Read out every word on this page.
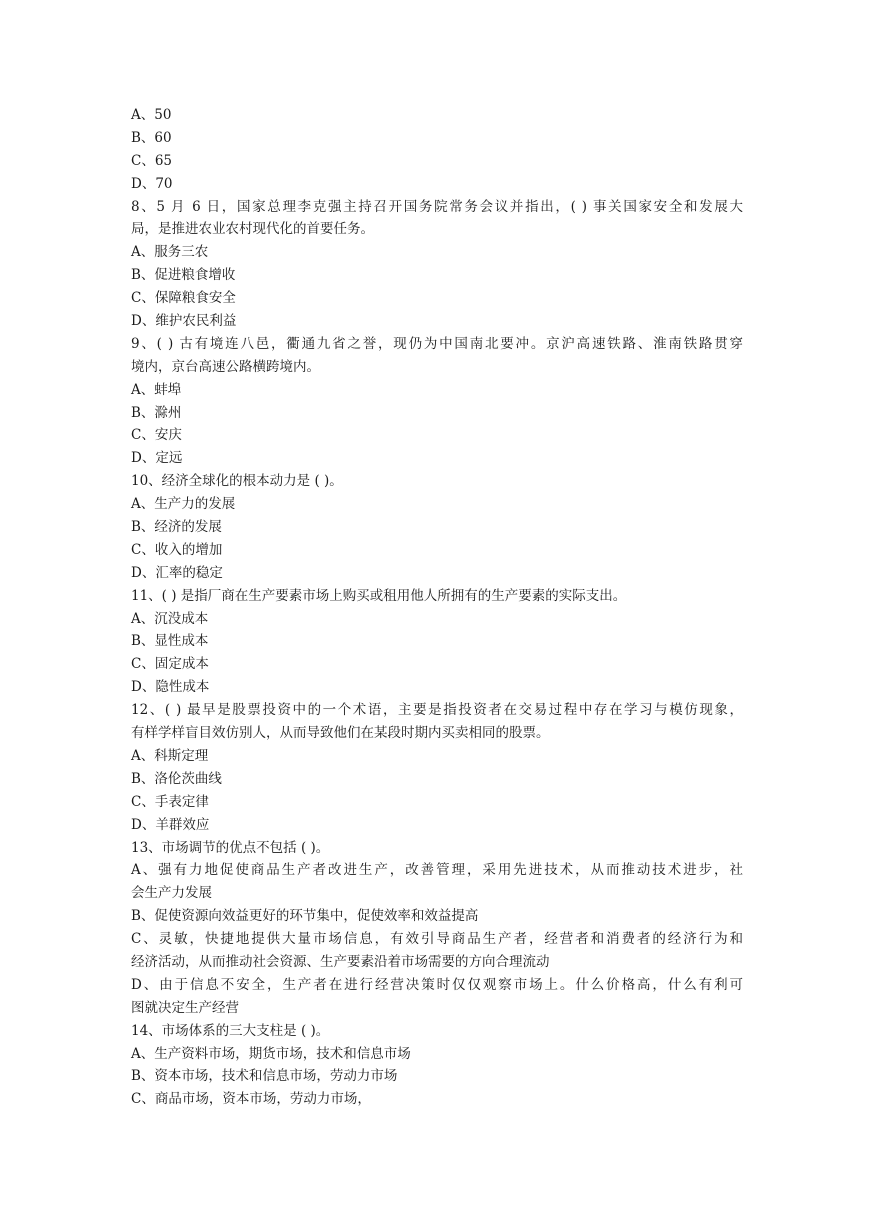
A、50
B、60
C、65
D、70
8、5 月 6 日，国家总理李克强主持召开国务院常务会议并指出，( ) 事关国家安全和发展大
局，是推进农业农村现代化的首要任务。
A、服务三农
B、促进粮食增收
C、保障粮食安全
D、维护农民利益
9、( ) 古有境连八邑，衢通九省之誉，现仍为中国南北要冲。京沪高速铁路、淮南铁路贯穿
境内，京台高速公路横跨境内。
A、蚌埠
B、滁州
C、安庆
D、定远
10、经济全球化的根本动力是 ( )。
A、生产力的发展
B、经济的发展
C、收入的增加
D、汇率的稳定
11、( ) 是指厂商在生产要素市场上购买或租用他人所拥有的生产要素的实际支出。
A、沉没成本
B、显性成本
C、固定成本
D、隐性成本
12、( ) 最早是股票投资中的一个术语，主要是指投资者在交易过程中存在学习与模仿现象，
有样学样盲目效仿别人，从而导致他们在某段时期内买卖相同的股票。
A、科斯定理
B、洛伦茨曲线
C、手表定律
D、羊群效应
13、市场调节的优点不包括 ( )。
A、强有力地促使商品生产者改进生产，改善管理，采用先进技术，从而推动技术进步，社
会生产力发展
B、促使资源向效益更好的环节集中，促使效率和效益提高
C、灵敏，快捷地提供大量市场信息，有效引导商品生产者，经营者和消费者的经济行为和
经济活动，从而推动社会资源、生产要素沿着市场需要的方向合理流动
D、由于信息不安全，生产者在进行经营决策时仅仅观察市场上。什么价格高，什么有利可
图就决定生产经营
14、市场体系的三大支柱是 ( )。
A、生产资料市场，期货市场，技术和信息市场
B、资本市场，技术和信息市场，劳动力市场
C、商品市场，资本市场，劳动力市场，
